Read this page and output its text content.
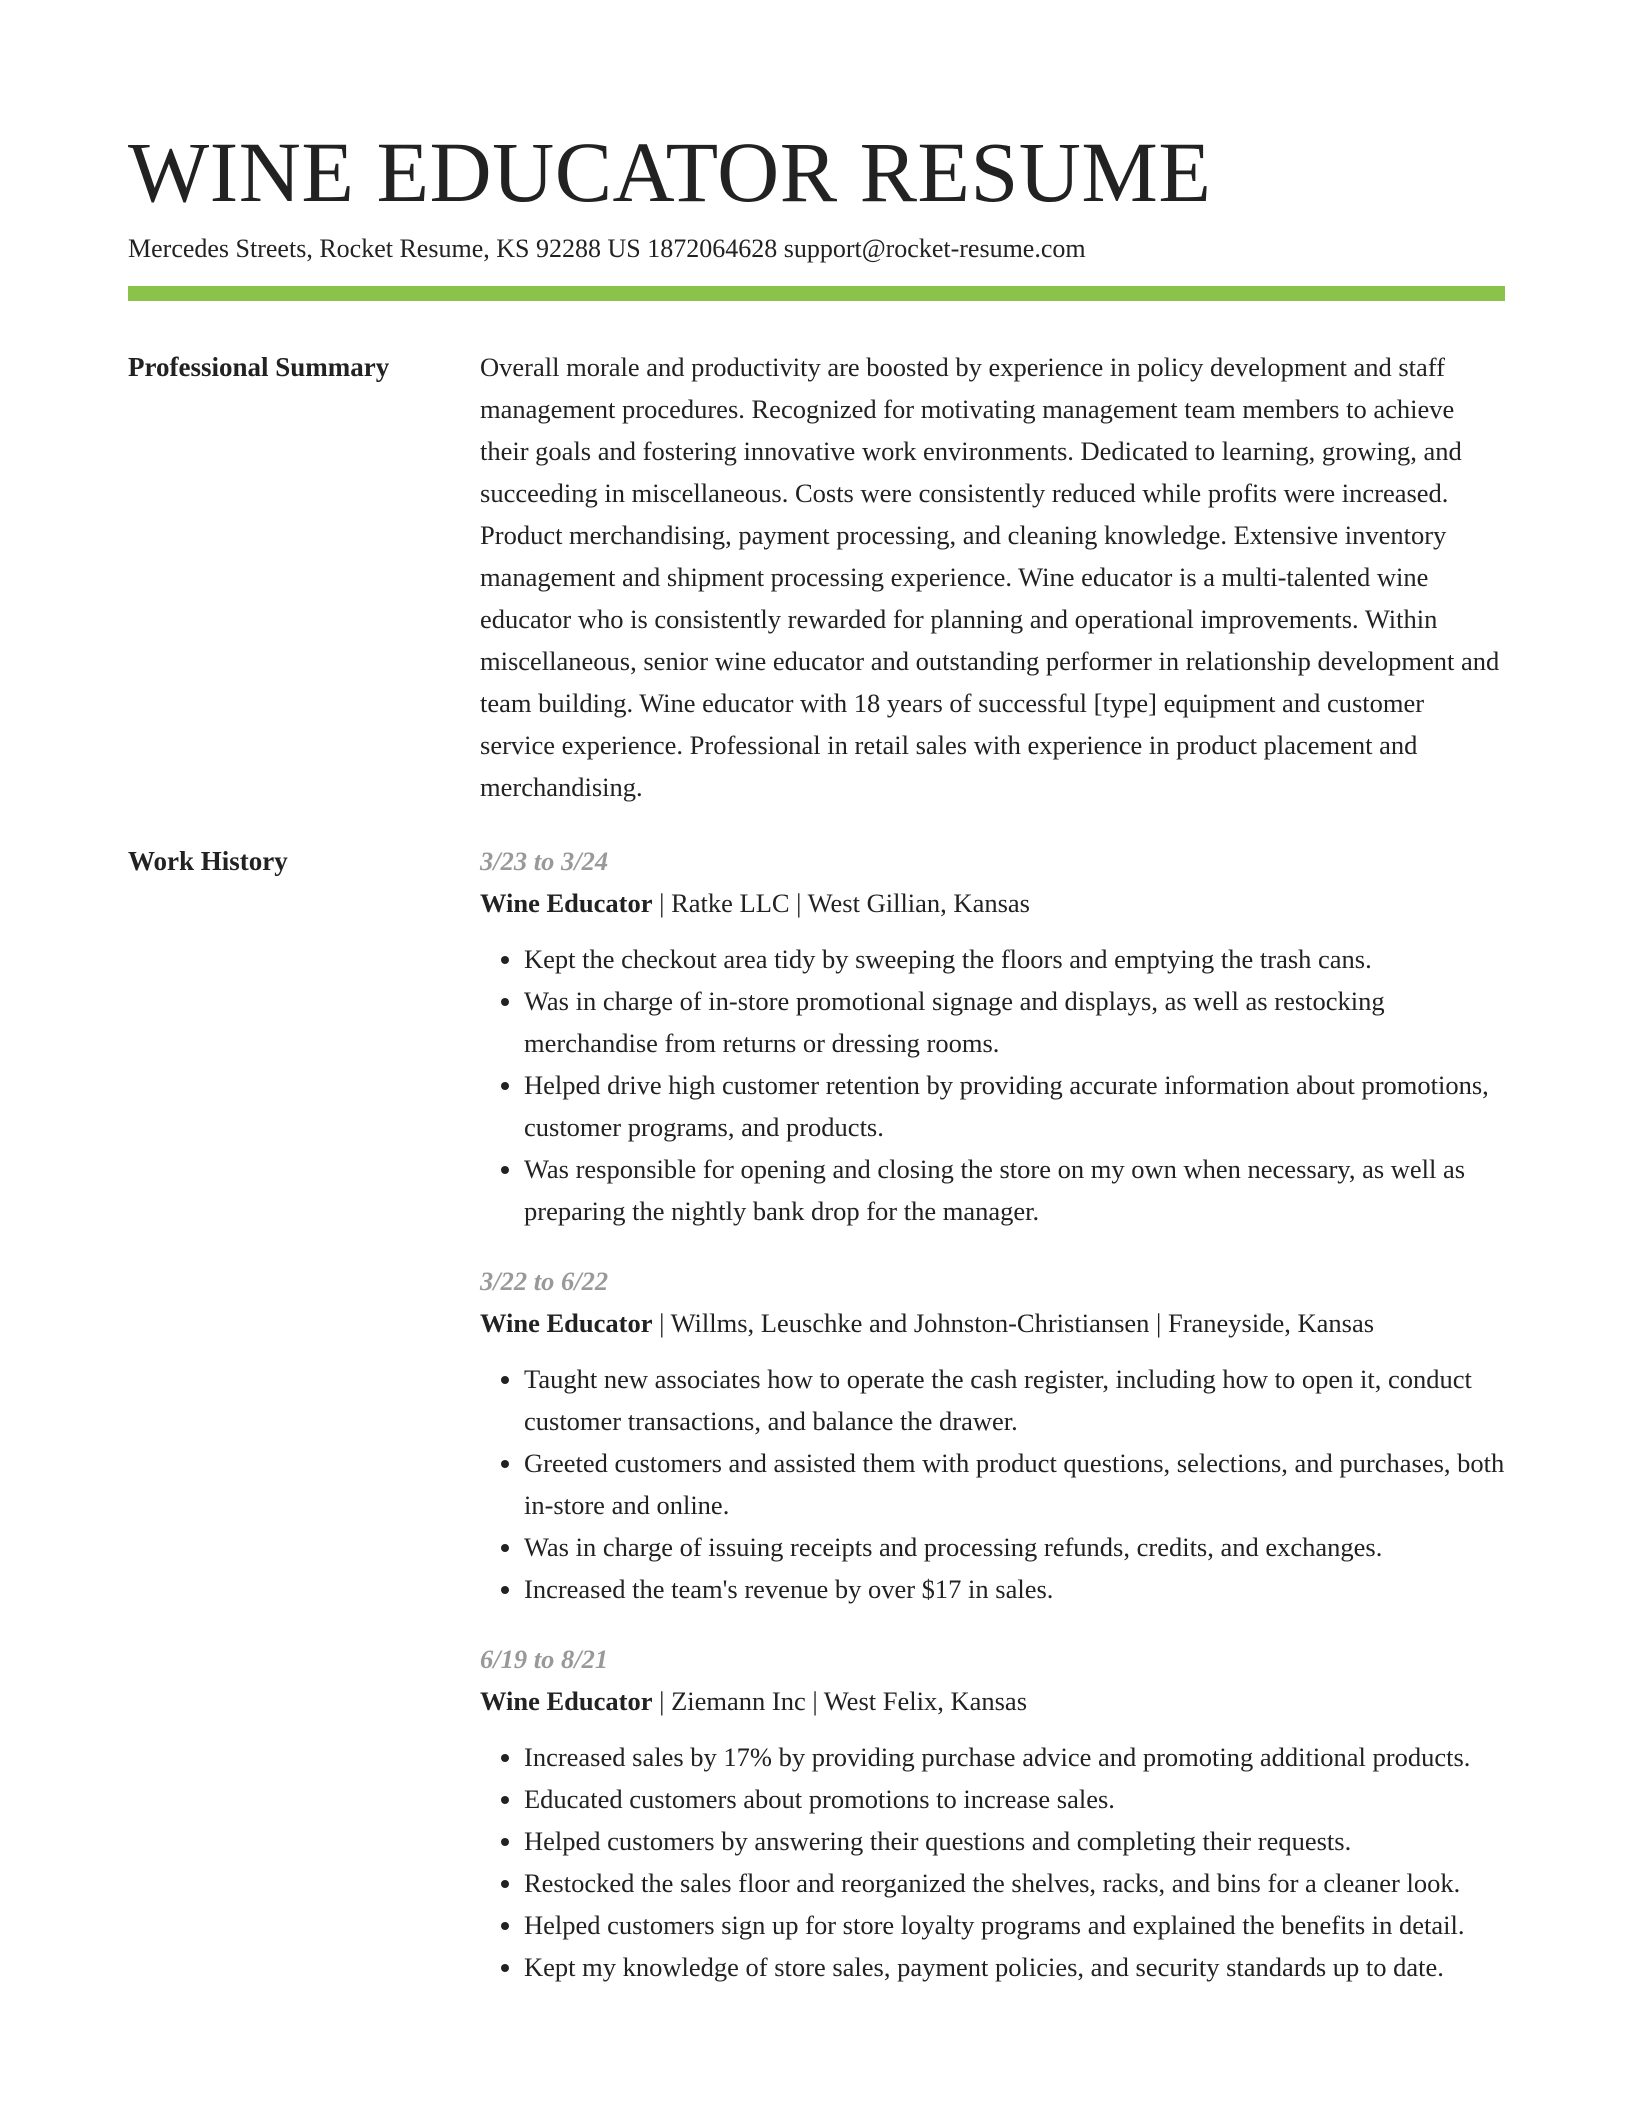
WINE EDUCATOR RESUME
Mercedes Streets, Rocket Resume, KS 92288 US 1872064628 support@rocket-resume.com
Professional Summary	Overall morale and productivity are boosted by experience in policy development and staff management procedures. Recognized for motivating management team members to achieve their goals and fostering innovative work environments. Dedicated to learning, growing, and succeeding in miscellaneous. Costs were consistently reduced while profits were increased. Product merchandising, payment processing, and cleaning knowledge. Extensive inventory management and shipment processing experience. Wine educator is a multi-talented wine educator who is consistently rewarded for planning and operational improvements. Within miscellaneous, senior wine educator and outstanding performer in relationship development and team building. Wine educator with 18 years of successful [type] equipment and customer service experience. Professional in retail sales with experience in product placement and merchandising.

Work History	3/23 to 3/24
Wine Educator | Ratke LLC | West Gillian, Kansas
• Kept the checkout area tidy by sweeping the floors and emptying the trash cans.
• Was in charge of in-store promotional signage and displays, as well as restocking merchandise from returns or dressing rooms.
• Helped drive high customer retention by providing accurate information about promotions, customer programs, and products.
• Was responsible for opening and closing the store on my own when necessary, as well as preparing the nightly bank drop for the manager.
3/22 to 6/22
Wine Educator | Willms, Leuschke and Johnston-Christiansen | Franeyside, Kansas
• Taught new associates how to operate the cash register, including how to open it, conduct customer transactions, and balance the drawer.
• Greeted customers and assisted them with product questions, selections, and purchases, both in-store and online.
• Was in charge of issuing receipts and processing refunds, credits, and exchanges.
• Increased the team's revenue by over $17 in sales.
6/19 to 8/21
Wine Educator | Ziemann Inc | West Felix, Kansas
• Increased sales by 17% by providing purchase advice and promoting additional products.
• Educated customers about promotions to increase sales.
• Helped customers by answering their questions and completing their requests.
• Restocked the sales floor and reorganized the shelves, racks, and bins for a cleaner look.
• Helped customers sign up for store loyalty programs and explained the benefits in detail.
• Kept my knowledge of store sales, payment policies, and security standards up to date.
